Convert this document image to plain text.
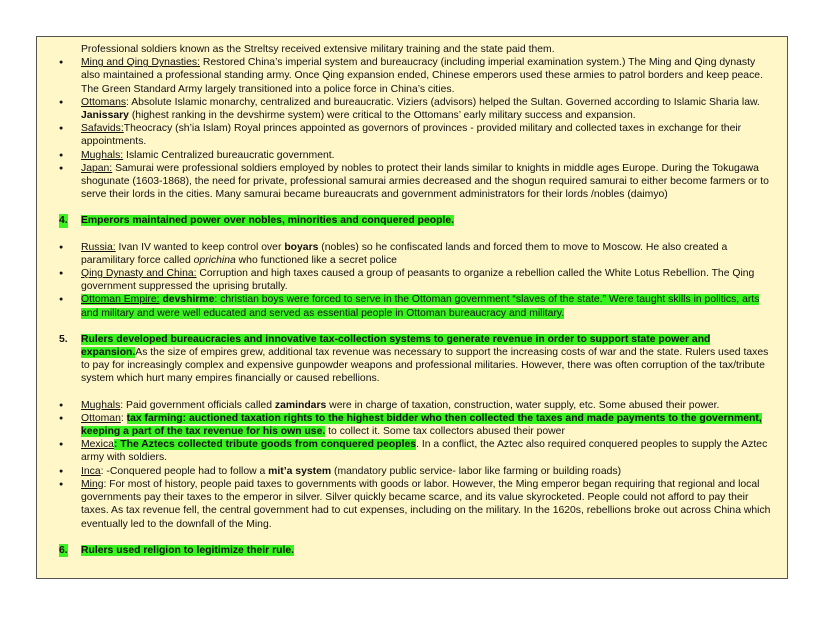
Professional soldiers known as the Streltsy received extensive military training and the state paid them.

● Ming and Qing Dynasties: Restored China’s imperial system and bureaucracy (including imperial examination system.) The Ming and Qing dynasty also maintained a professional standing army. Once Qing expansion ended, Chinese emperors used these armies to patrol borders and keep peace. The Green Standard Army largely transitioned into a police force in China’s cities.
● Ottomans: Absolute Islamic monarchy, centralized and bureaucratic. Viziers (advisors) helped the Sultan. Governed according to Islamic Sharia law. Janissary (highest ranking in the devshirme system) were critical to the Ottomans’ early military success and expansion.
● Safavids:Theocracy (sh’ia Islam) Royal princes appointed as governors of provinces - provided military and collected taxes in exchange for their appointments.
● Mughals: Islamic Centralized bureaucratic government.
● Japan: Samurai were professional soldiers employed by nobles to protect their lands similar to knights in middle ages Europe. During the Tokugawa shogunate (1603-1868), the need for private, professional samurai armies decreased and the shogun required samurai to either become farmers or to serve their lords in the cities. Many samurai became bureaucrats and government administrators for their lords /nobles (daimyo)

4. Emperors maintained power over nobles, minorities and conquered people.

● Russia: Ivan IV wanted to keep control over boyars (nobles) so he confiscated lands and forced them to move to Moscow. He also created a paramilitary force called oprichina who functioned like a secret police
● Qing Dynasty and China: Corruption and high taxes caused a group of peasants to organize a rebellion called the White Lotus Rebellion. The Qing government suppressed the uprising brutally.
● Ottoman Empire: devshirme: christian boys were forced to serve in the Ottoman government “slaves of the state.” Were taught skills in politics, arts and military and were well educated and served as essential people in Ottoman bureaucracy and military.

5. Rulers developed bureaucracies and innovative tax-collection systems to generate revenue in order to support state power and expansion.As the size of empires grew, additional tax revenue was necessary to support the increasing costs of war and the state. Rulers used taxes to pay for increasingly complex and expensive gunpowder weapons and professional militaries. However, there was often corruption of the tax/tribute system which hurt many empires financially or caused rebellions.

● Mughals: Paid government officials called zamindars were in charge of taxation, construction, water supply, etc. Some abused their power.
● Ottoman: tax farming: auctioned taxation rights to the highest bidder who then collected the taxes and made payments to the government, keeping a part of the tax revenue for his own use. to collect it. Some tax collectors abused their power
● Mexica: The Aztecs collected tribute goods from conquered peoples. In a conflict, the Aztec also required conquered peoples to supply the Aztec army with soldiers.
● Inca: -Conquered people had to follow a mit’a system (mandatory public service- labor like farming or building roads)
● Ming: For most of history, people paid taxes to governments with goods or labor. However, the Ming emperor began requiring that regional and local governments pay their taxes to the emperor in silver. Silver quickly became scarce, and its value skyrocketed. People could not afford to pay their taxes. As tax revenue fell, the central government had to cut expenses, including on the military. In the 1620s, rebellions broke out across China which eventually led to the downfall of the Ming.

6. Rulers used religion to legitimize their rule.
